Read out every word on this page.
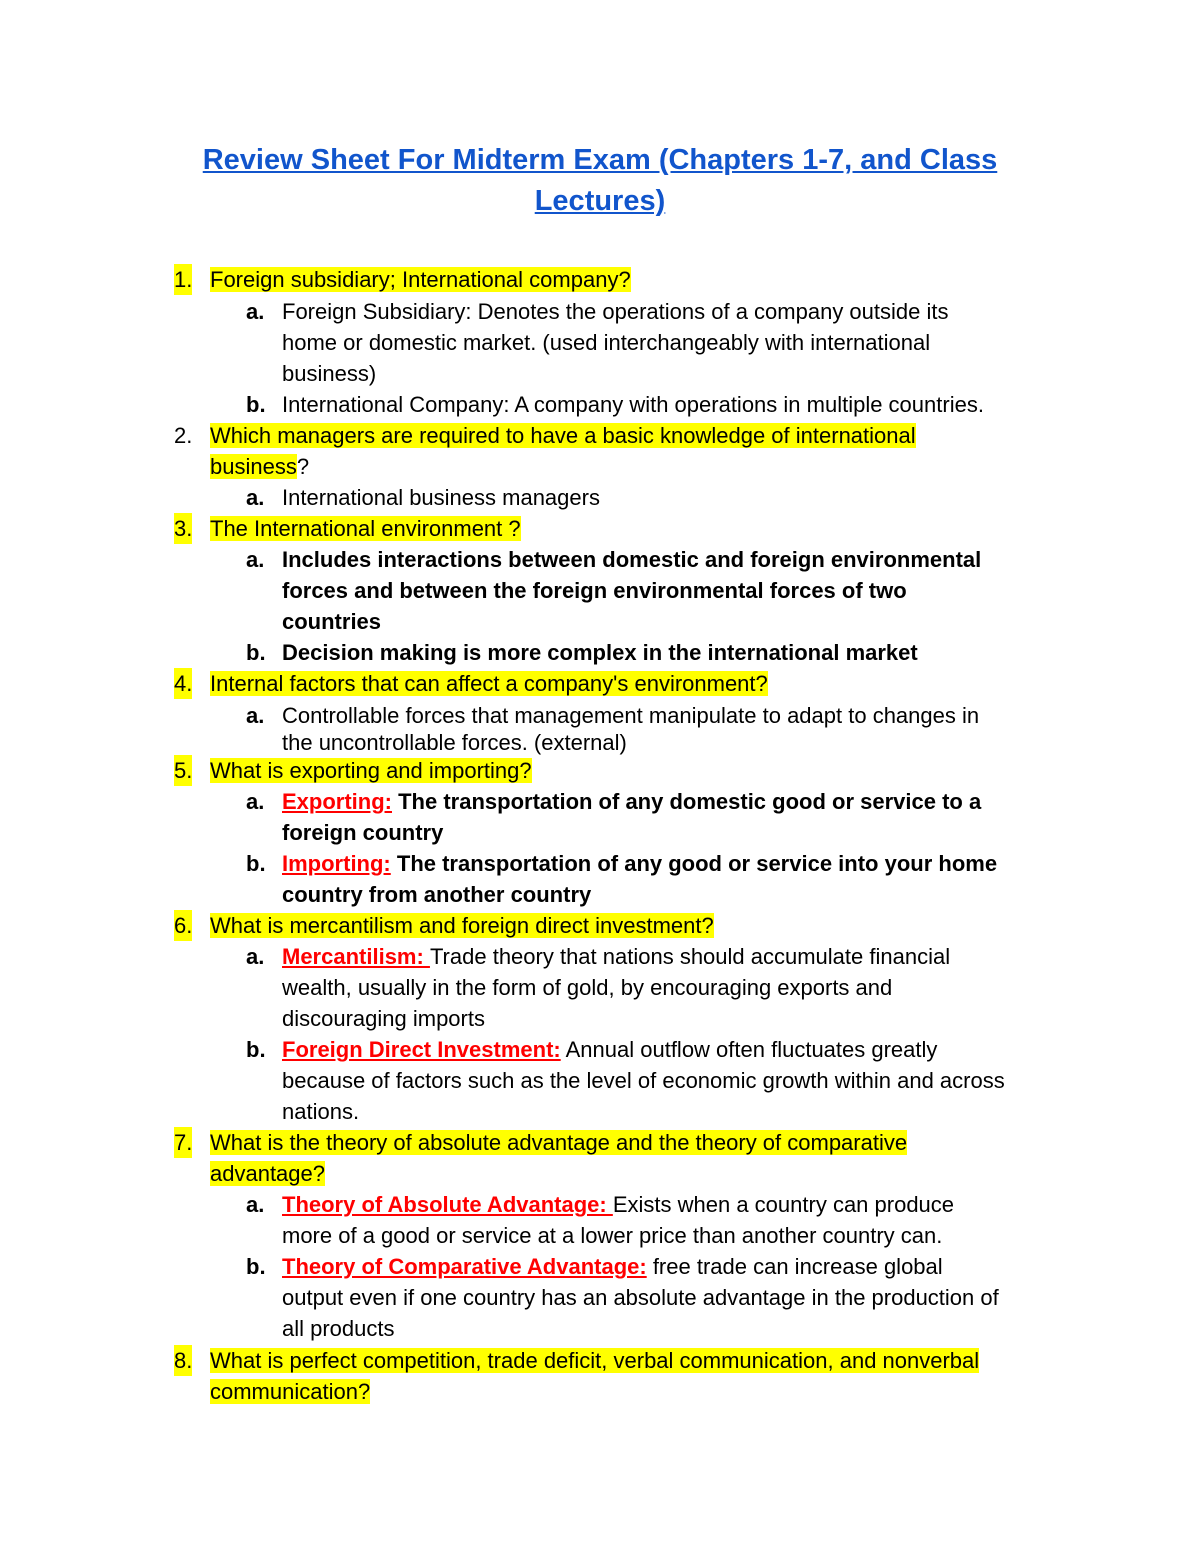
Review Sheet For Midterm Exam (Chapters 1-7, and Class
Lectures)
1. Foreign subsidiary; International company?
a. Foreign Subsidiary: Denotes the operations of a company outside its
home or domestic market. (used interchangeably with international
business)
b. International Company: A company with operations in multiple countries.
2. Which managers are required to have a basic knowledge of international
business?
a. International business managers
3. The International environment ?
a. Includes interactions between domestic and foreign environmental
forces and between the foreign environmental forces of two
countries
b. Decision making is more complex in the international market
4. Internal factors that can affect a company's environment?
a. Controllable forces that management manipulate to adapt to changes in
the uncontrollable forces. (external)
5. What is exporting and importing?
a. Exporting: The transportation of any domestic good or service to a
foreign country
b. Importing: The transportation of any good or service into your home
country from another country
6. What is mercantilism and foreign direct investment?
a. Mercantilism: Trade theory that nations should accumulate financial
wealth, usually in the form of gold, by encouraging exports and
discouraging imports
b. Foreign Direct Investment: Annual outflow often fluctuates greatly
because of factors such as the level of economic growth within and across
nations.
7. What is the theory of absolute advantage and the theory of comparative
advantage?
a. Theory of Absolute Advantage: Exists when a country can produce
more of a good or service at a lower price than another country can.
b. Theory of Comparative Advantage: free trade can increase global
output even if one country has an absolute advantage in the production of
all products
8. What is perfect competition, trade deficit, verbal communication, and nonverbal
communication?
